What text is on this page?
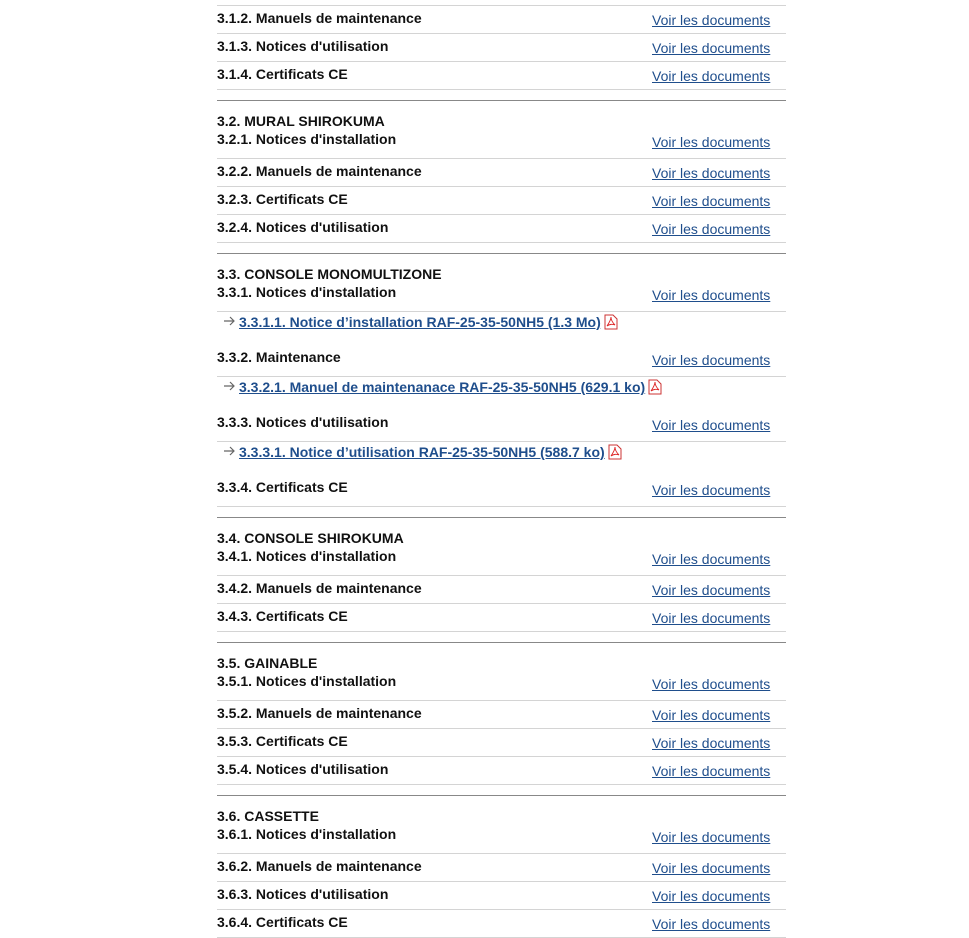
3.1.2. Manuels de maintenance	Voir les documents
3.1.3. Notices d'utilisation	Voir les documents
3.1.4. Certificats CE	Voir les documents
3.2. MURAL SHIROKUMA
3.2.1. Notices d'installation	Voir les documents
3.2.2. Manuels de maintenance	Voir les documents
3.2.3. Certificats CE	Voir les documents
3.2.4. Notices d'utilisation	Voir les documents
3.3. CONSOLE MONOMULTIZONE
3.3.1. Notices d'installation	Voir les documents
3.3.1.1. Notice d’installation RAF-25-35-50NH5 (1.3 Mo)
3.3.2. Maintenance	Voir les documents
3.3.2.1. Manuel de maintenanace RAF-25-35-50NH5 (629.1 ko)
3.3.3. Notices d'utilisation	Voir les documents
3.3.3.1. Notice d’utilisation RAF-25-35-50NH5 (588.7 ko)
3.3.4. Certificats CE	Voir les documents
3.4. CONSOLE SHIROKUMA
3.4.1. Notices d'installation	Voir les documents
3.4.2. Manuels de maintenance	Voir les documents
3.4.3. Certificats CE	Voir les documents
3.5. GAINABLE
3.5.1. Notices d'installation	Voir les documents
3.5.2. Manuels de maintenance	Voir les documents
3.5.3. Certificats CE	Voir les documents
3.5.4. Notices d'utilisation	Voir les documents
3.6. CASSETTE
3.6.1. Notices d'installation	Voir les documents
3.6.2. Manuels de maintenance	Voir les documents
3.6.3. Notices d'utilisation	Voir les documents
3.6.4. Certificats CE	Voir les documents
